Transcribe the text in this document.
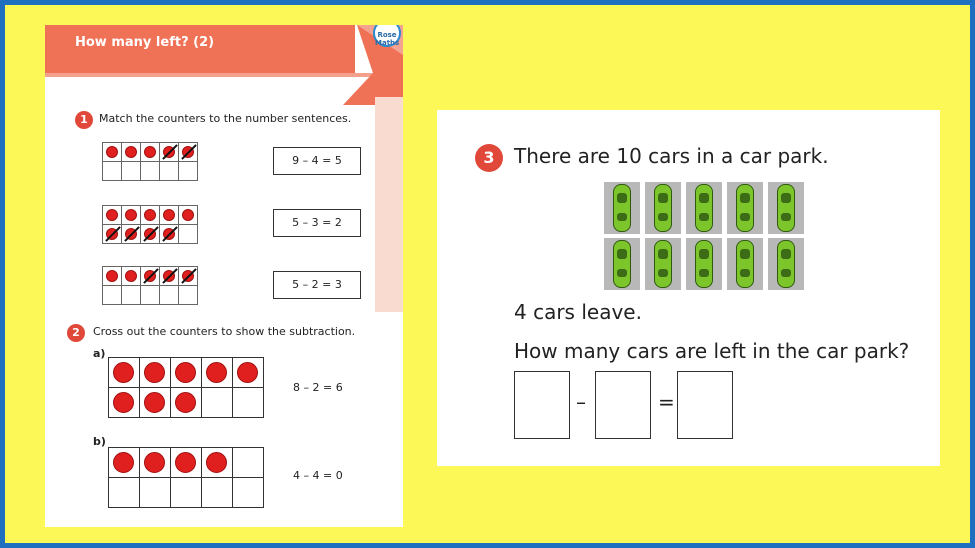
How many left? (2)	Rose
Maths
1	Match the counters to the number sentences.

9 – 4 = 5

5 – 3 = 2

5 – 2 = 3
2	Cross out the counters to show the subtraction.
a)

8 – 2 = 6
b)

4 – 4 = 0
3 There are 10 cars in a car park.
4 cars leave.
How many cars are left in the car park?
–	=
